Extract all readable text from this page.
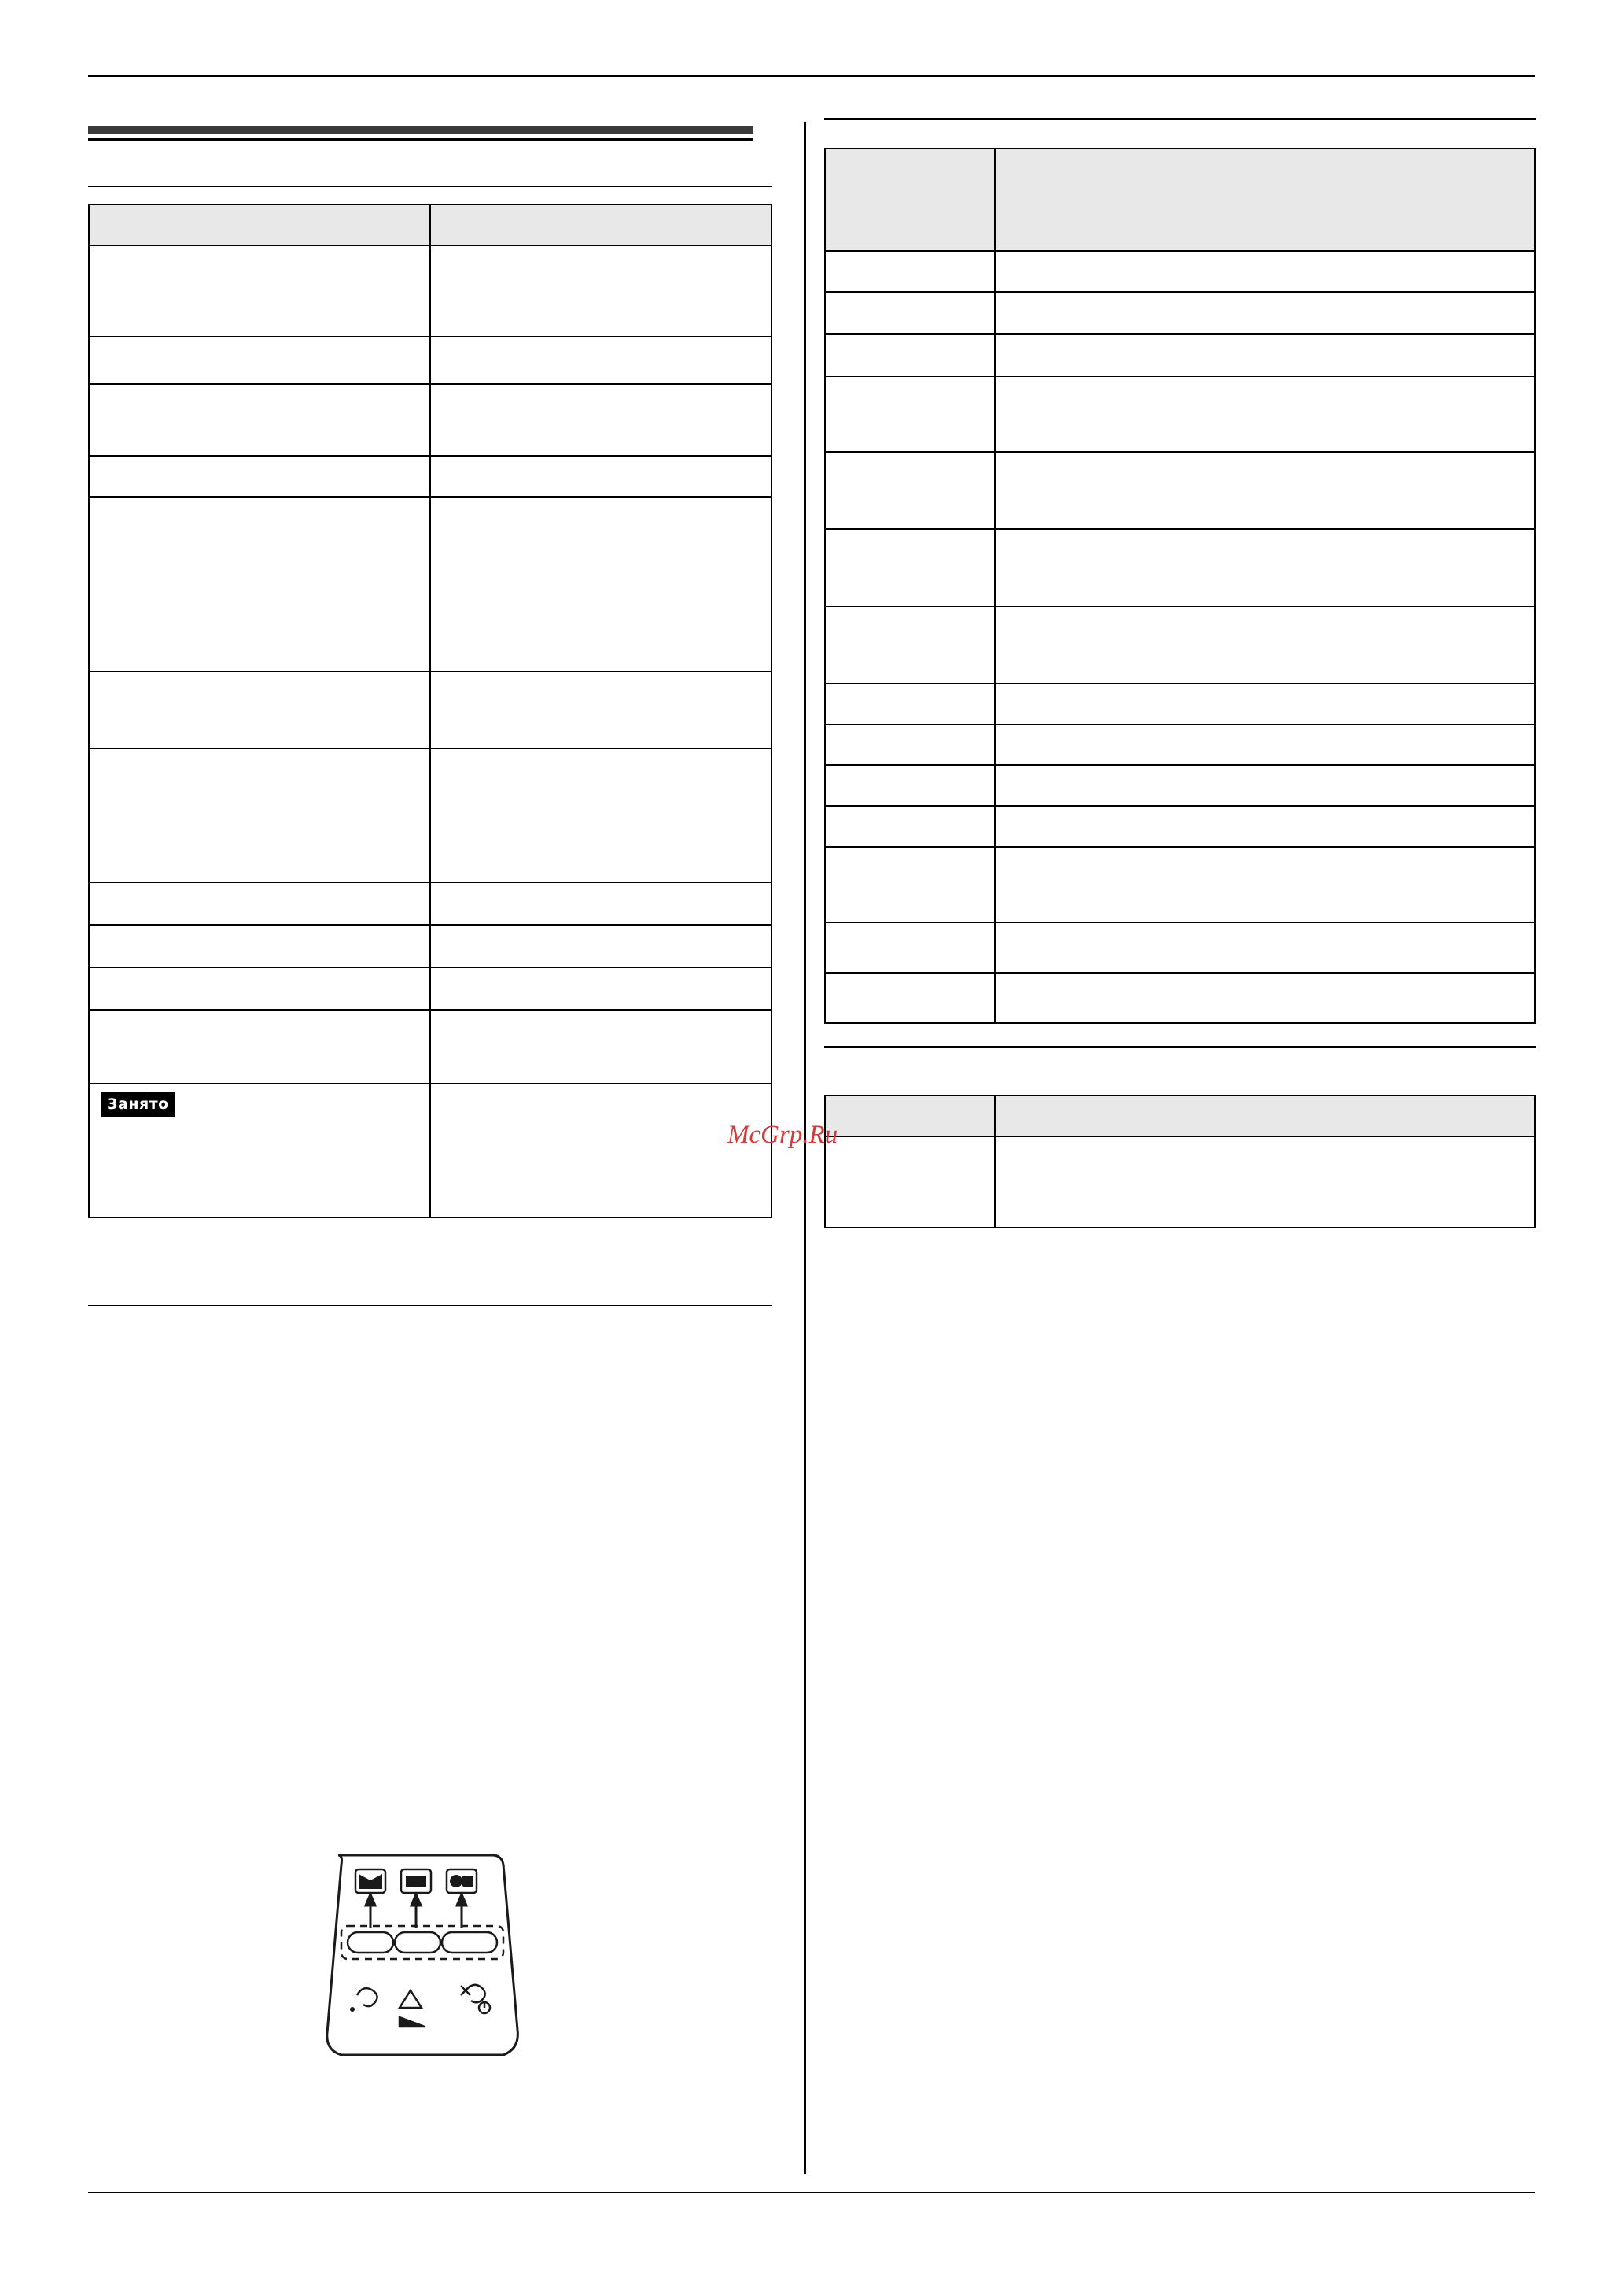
Занято	

McGrp.Ru
